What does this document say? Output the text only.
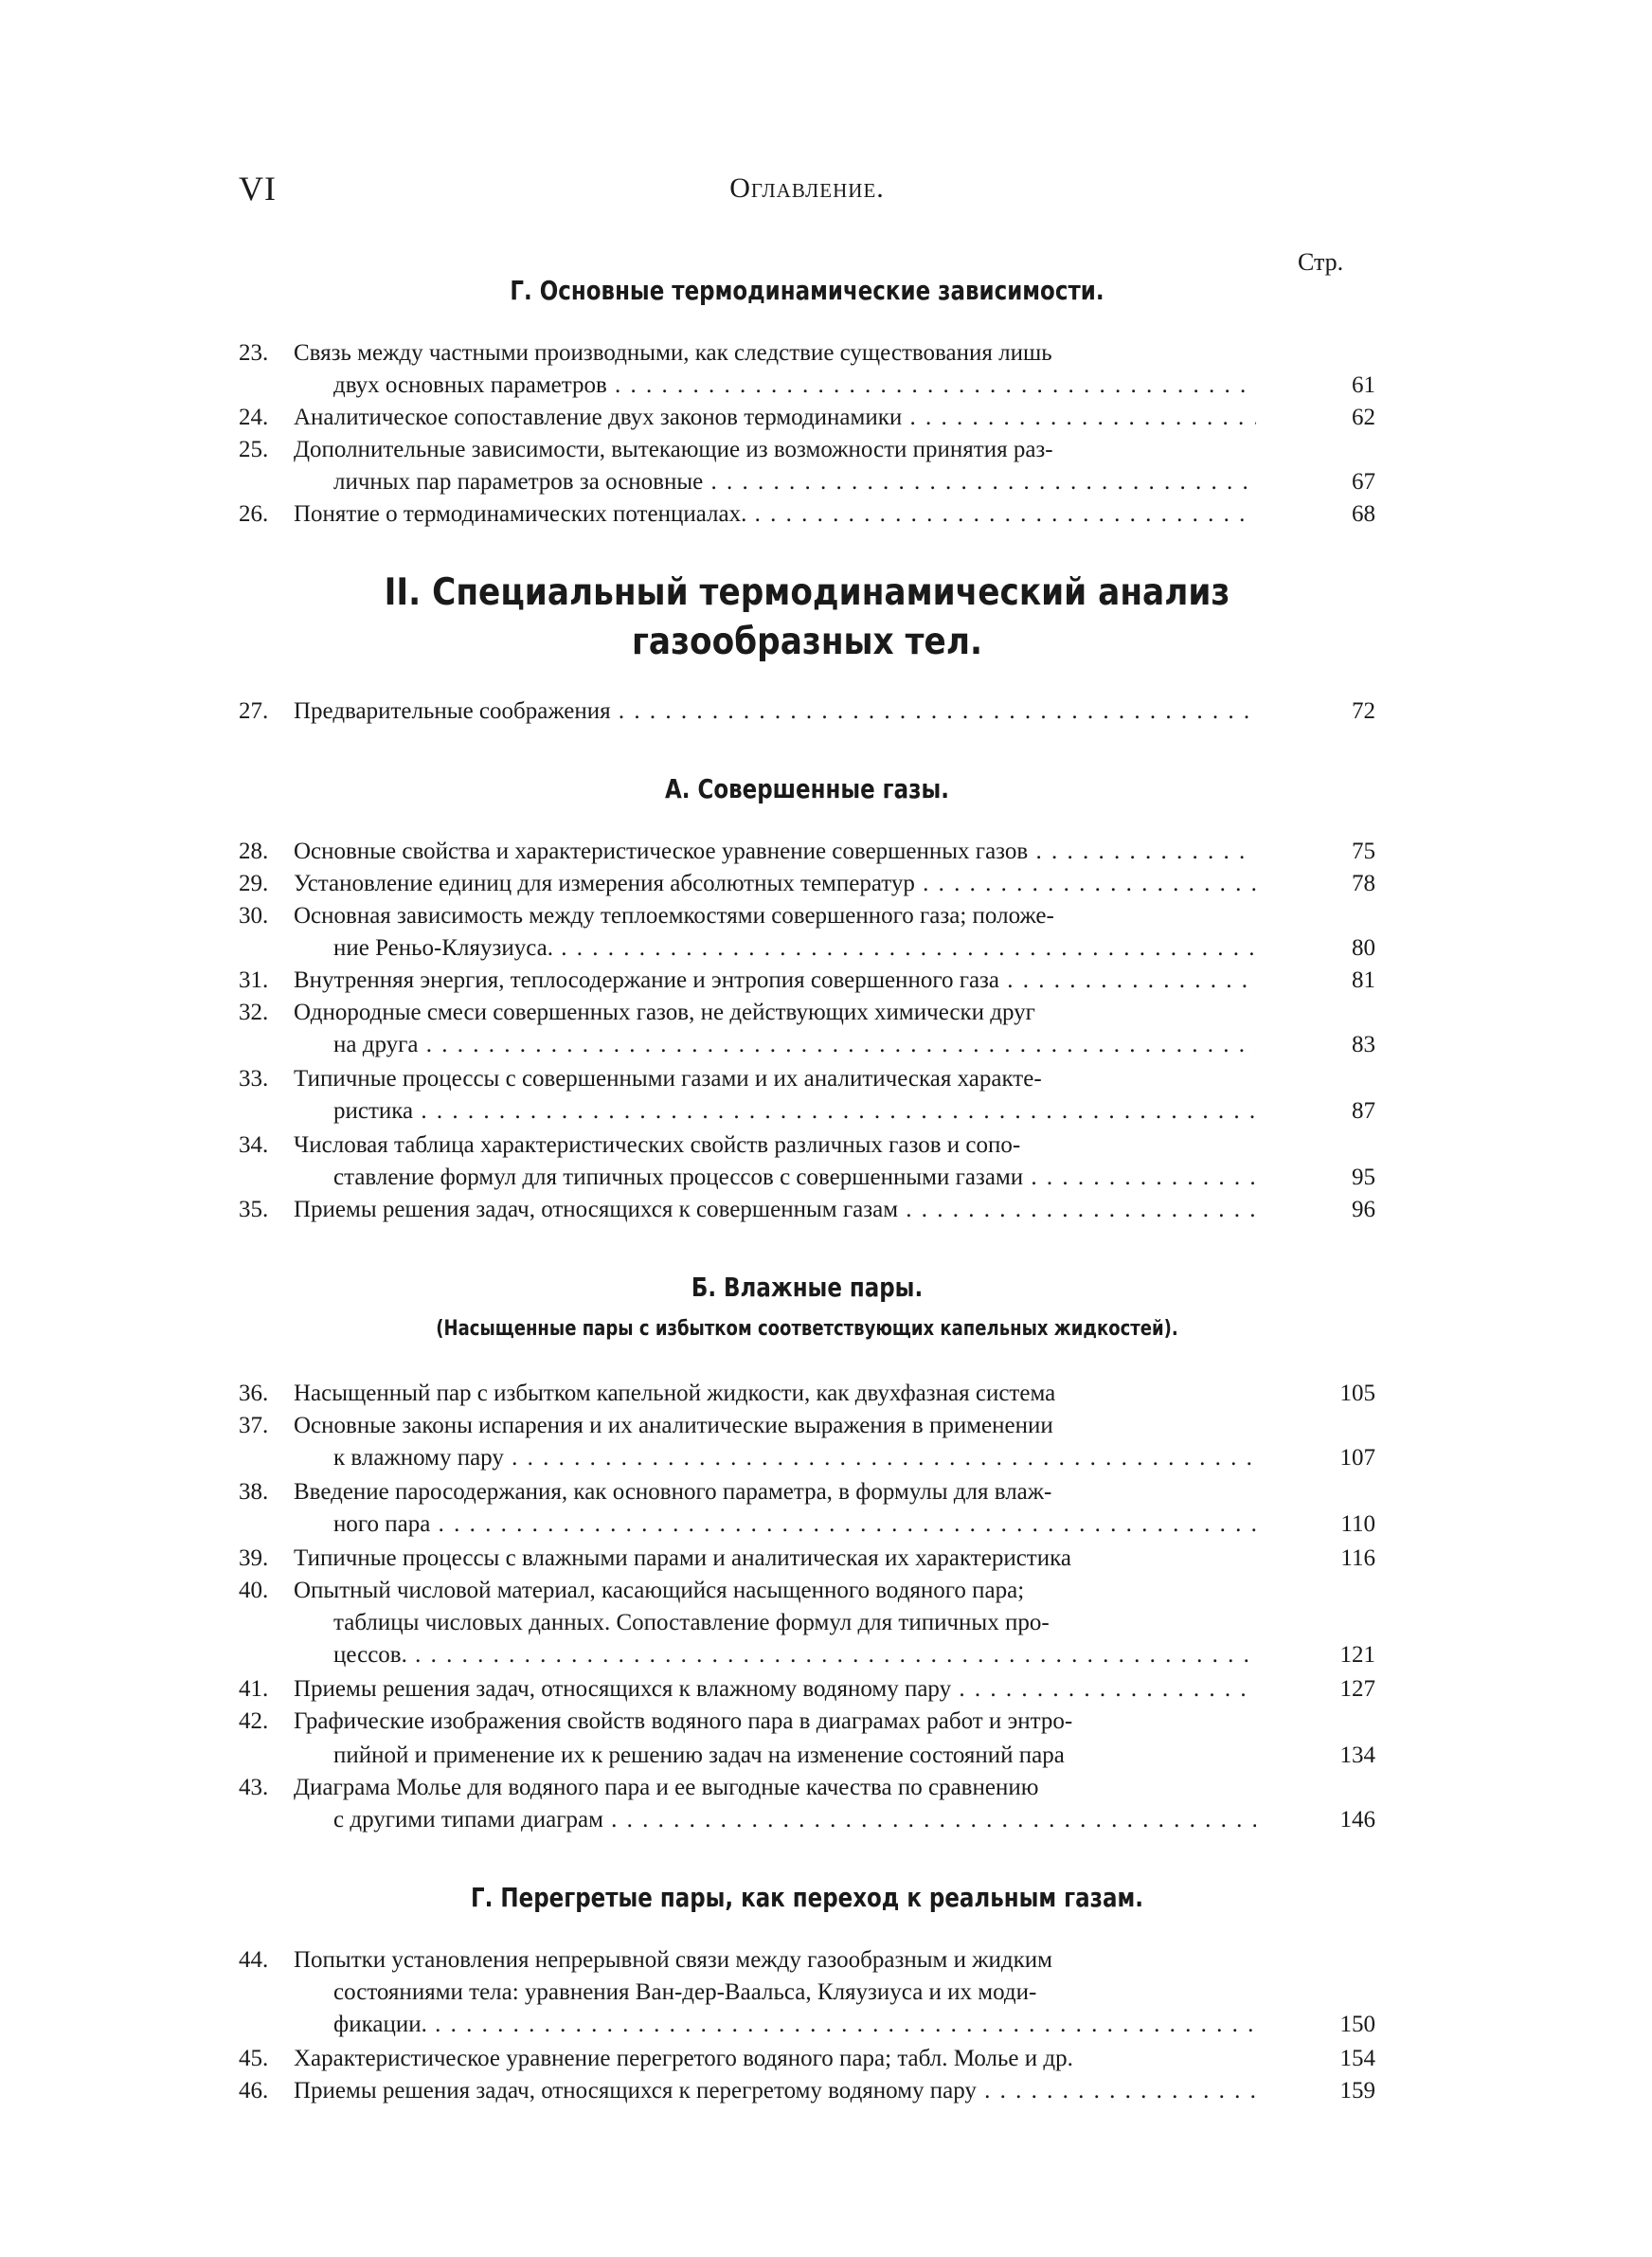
VI	Оглавление.
Стр.
Г. Основные термодинамические зависимости.
23.	Связь между частными производными, как следствие существования лишь
двух основных параметров . . .	61
24.	Аналитическое сопоставление двух законов термодинамики . . .	62
25.	Дополнительные зависимости, вытекающие из возможности принятия раз-
личных пар параметров за основные . . .	67
26.	Понятие о термодинамических потенциалах. . . .	68
II. Специальный термодинамический анализ
газообразных тел.
27.	Предварительные соображения . . .	72
А. Совершенные газы.
28.	Основные свойства и характеристическое уравнение совершенных газов . . .	75
29.	Установление единиц для измерения абсолютных температур . . .	78
30.	Основная зависимость между теплоемкостями совершенного газа; положе-
ние Реньо-Кляузиуса. . . .	80
31.	Внутренняя энергия, теплосодержание и энтропия совершенного газа . . .	81
32.	Однородные смеси совершенных газов, не действующих химически друг
на друга . . .	83
33.	Типичные процессы с совершенными газами и их аналитическая характе-
ристика . . .	87
34.	Числовая таблица характеристических свойств различных газов и сопо-
ставление формул для типичных процессов с совершенными газами . . .	95
35.	Приемы решения задач, относящихся к совершенным газам . . .	96
Б. Влажные пары.
(Насыщенные пары с избытком соответствующих капельных жидкостей).
36.	Насыщенный пар с избытком капельной жидкости, как двухфазная система	105
37.	Основные законы испарения и их аналитические выражения в применении
к влажному пару . . .	107
38.	Введение паросодержания, как основного параметра, в формулы для влаж-
ного пара . . .	110
39.	Типичные процессы с влажными парами и аналитическая их характеристика	116
40.	Опытный числовой материал, касающийся насыщенного водяного пара;
таблицы числовых данных. Сопоставление формул для типичных про-
цессов. . . .	121
41.	Приемы решения задач, относящихся к влажному водяному пару . . .	127
42.	Графические изображения свойств водяного пара в диаграмах работ и энтро-
пийной и применение их к решению задач на изменение состояний пара	134
43.	Диаграма Молье для водяного пара и ее выгодные качества по сравнению
с другими типами диаграм . . .	146
Г. Перегретые пары, как переход к реальным газам.
44.	Попытки установления непрерывной связи между газообразным и жидким
состояниями тела: уравнения Ван-дер-Ваальса, Кляузиуса и их моди-
фикации. . . .	150
45.	Характеристическое уравнение перегретого водяного пара; табл. Молье и др.	154
46.	Приемы решения задач, относящихся к перегретому водяному пару . . .	159
